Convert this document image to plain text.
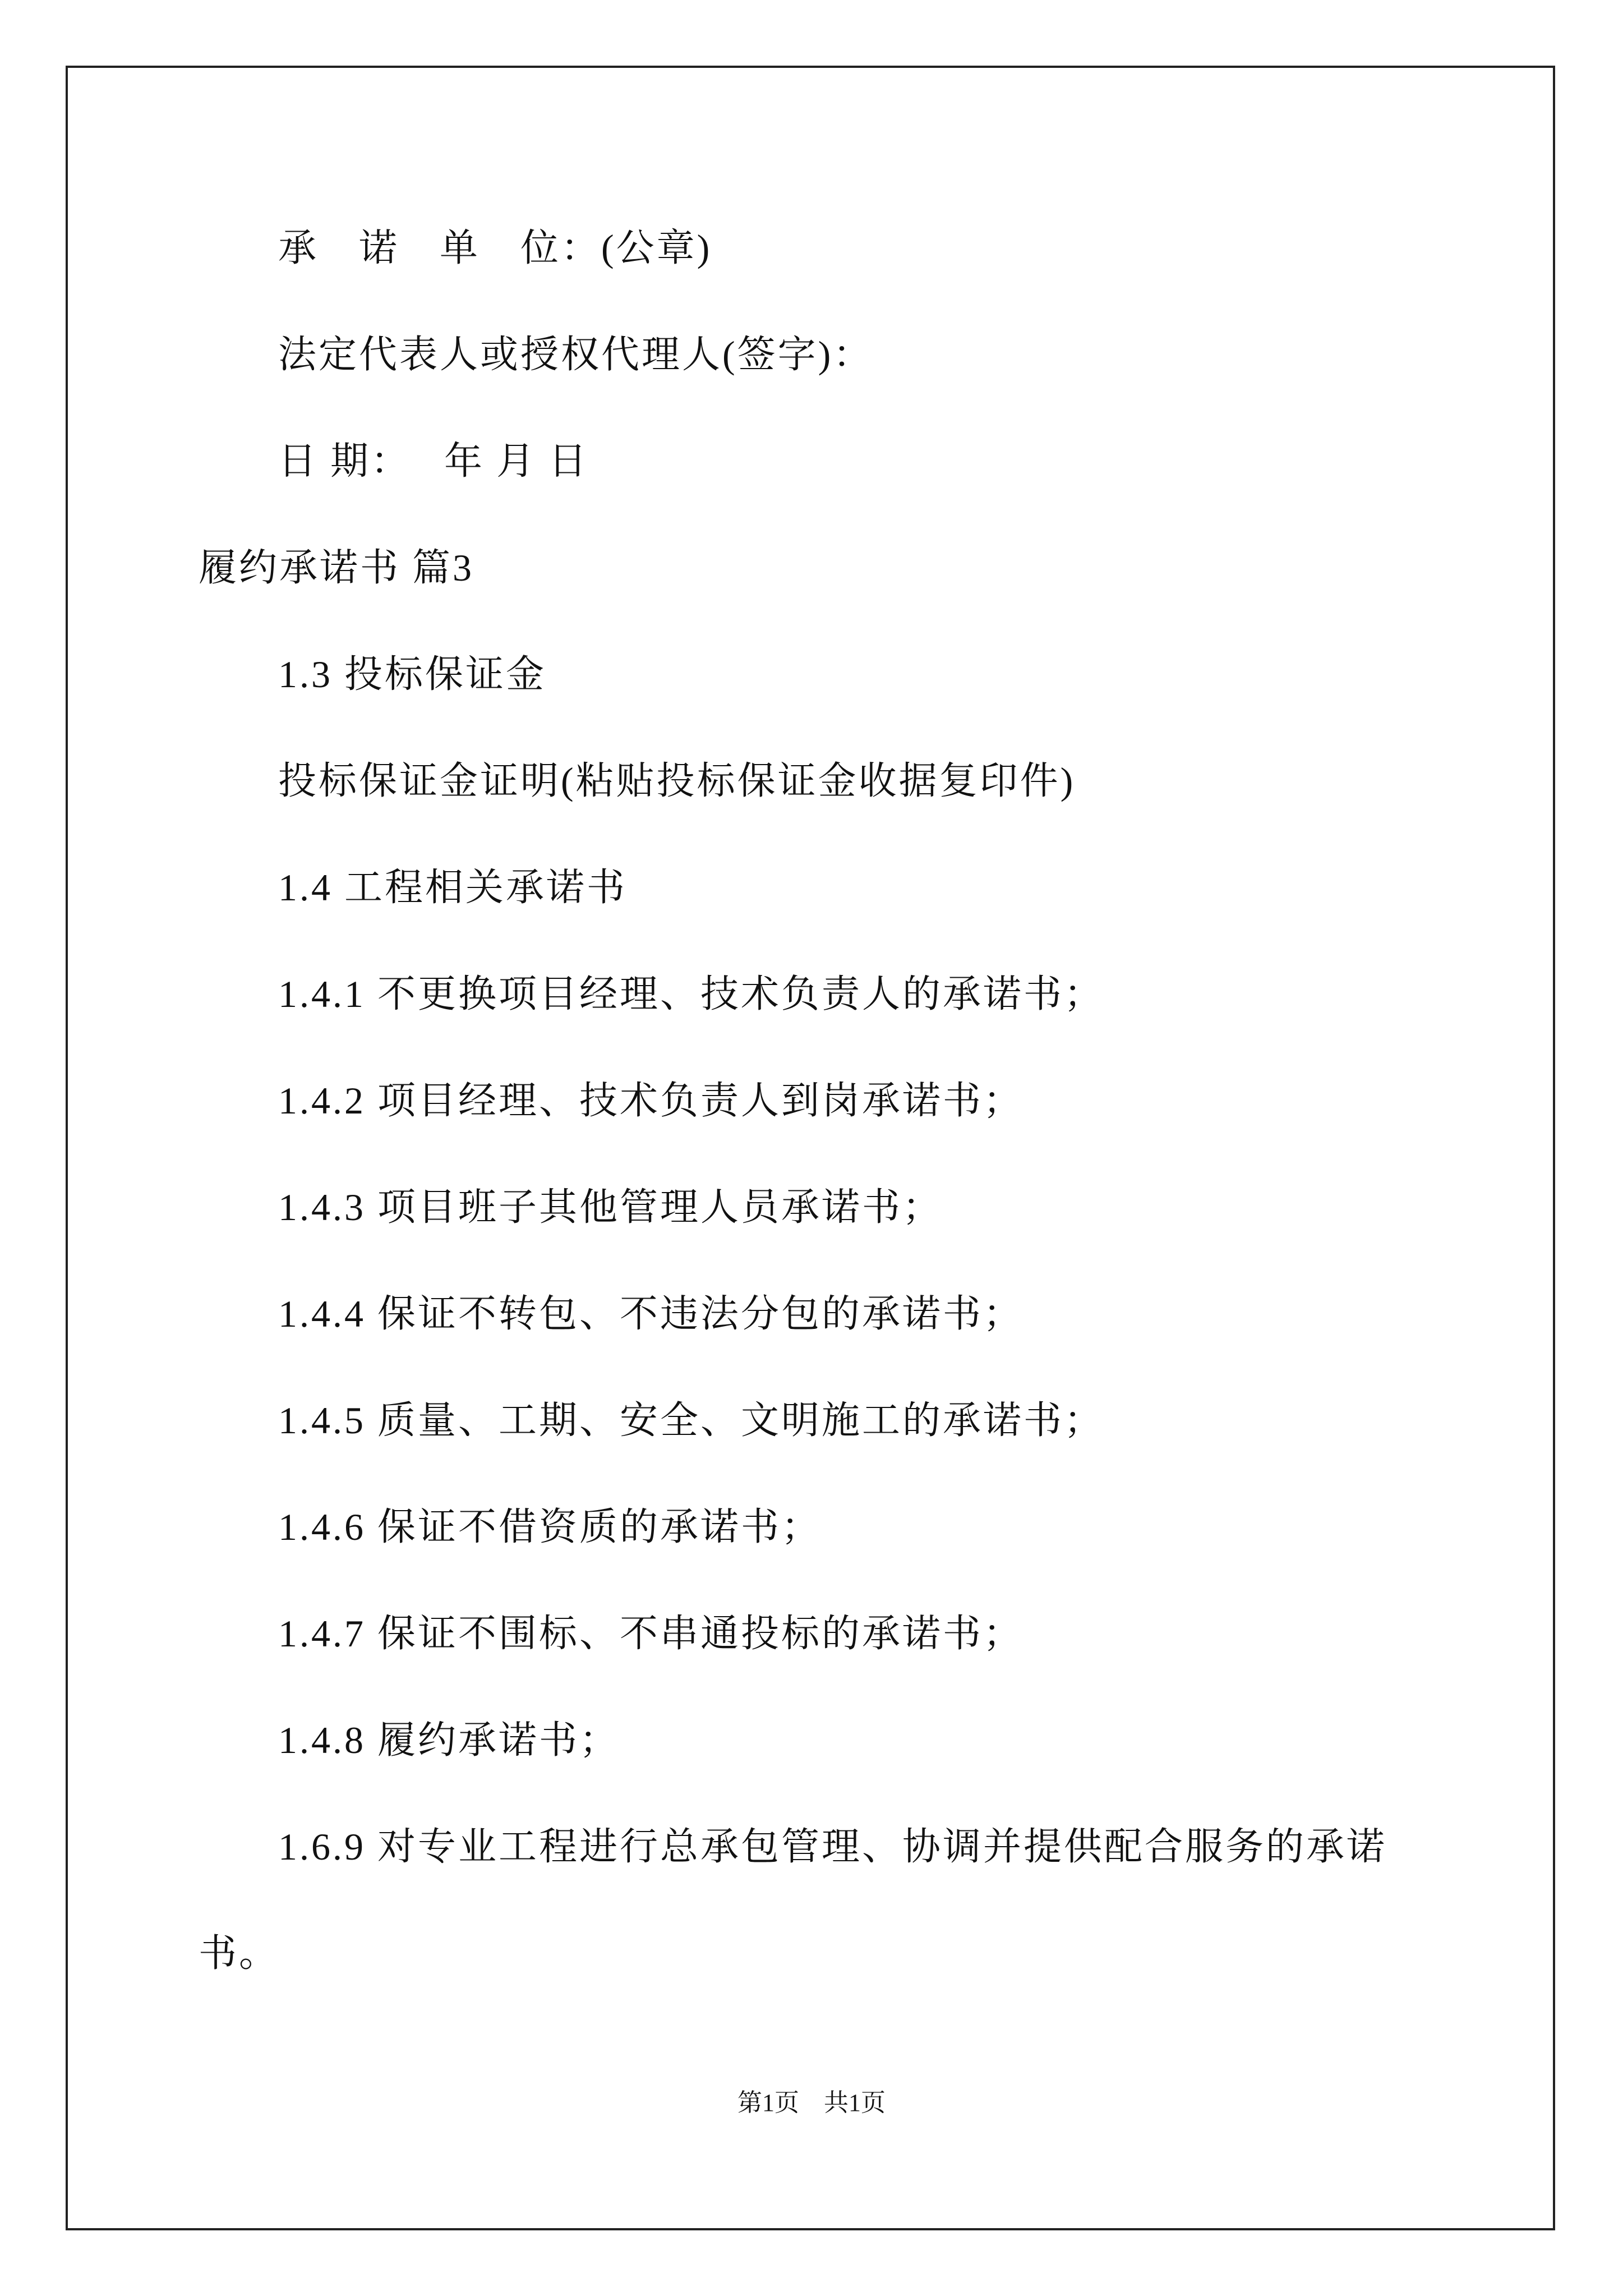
承　诺　单　位：(公章)
法定代表人或授权代理人(签字)：
日 期：　 年 月 日
履约承诺书 篇3
1.3 投标保证金
投标保证金证明(粘贴投标保证金收据复印件)
1.4 工程相关承诺书
1.4.1 不更换项目经理、技术负责人的承诺书；
1.4.2 项目经理、技术负责人到岗承诺书；
1.4.3 项目班子其他管理人员承诺书；
1.4.4 保证不转包、不违法分包的承诺书；
1.4.5 质量、工期、安全、文明施工的承诺书；
1.4.6 保证不借资质的承诺书；
1.4.7 保证不围标、不串通投标的承诺书；
1.4.8 履约承诺书；
1.6.9 对专业工程进行总承包管理、协调并提供配合服务的承诺
书。
第1页　共1页
